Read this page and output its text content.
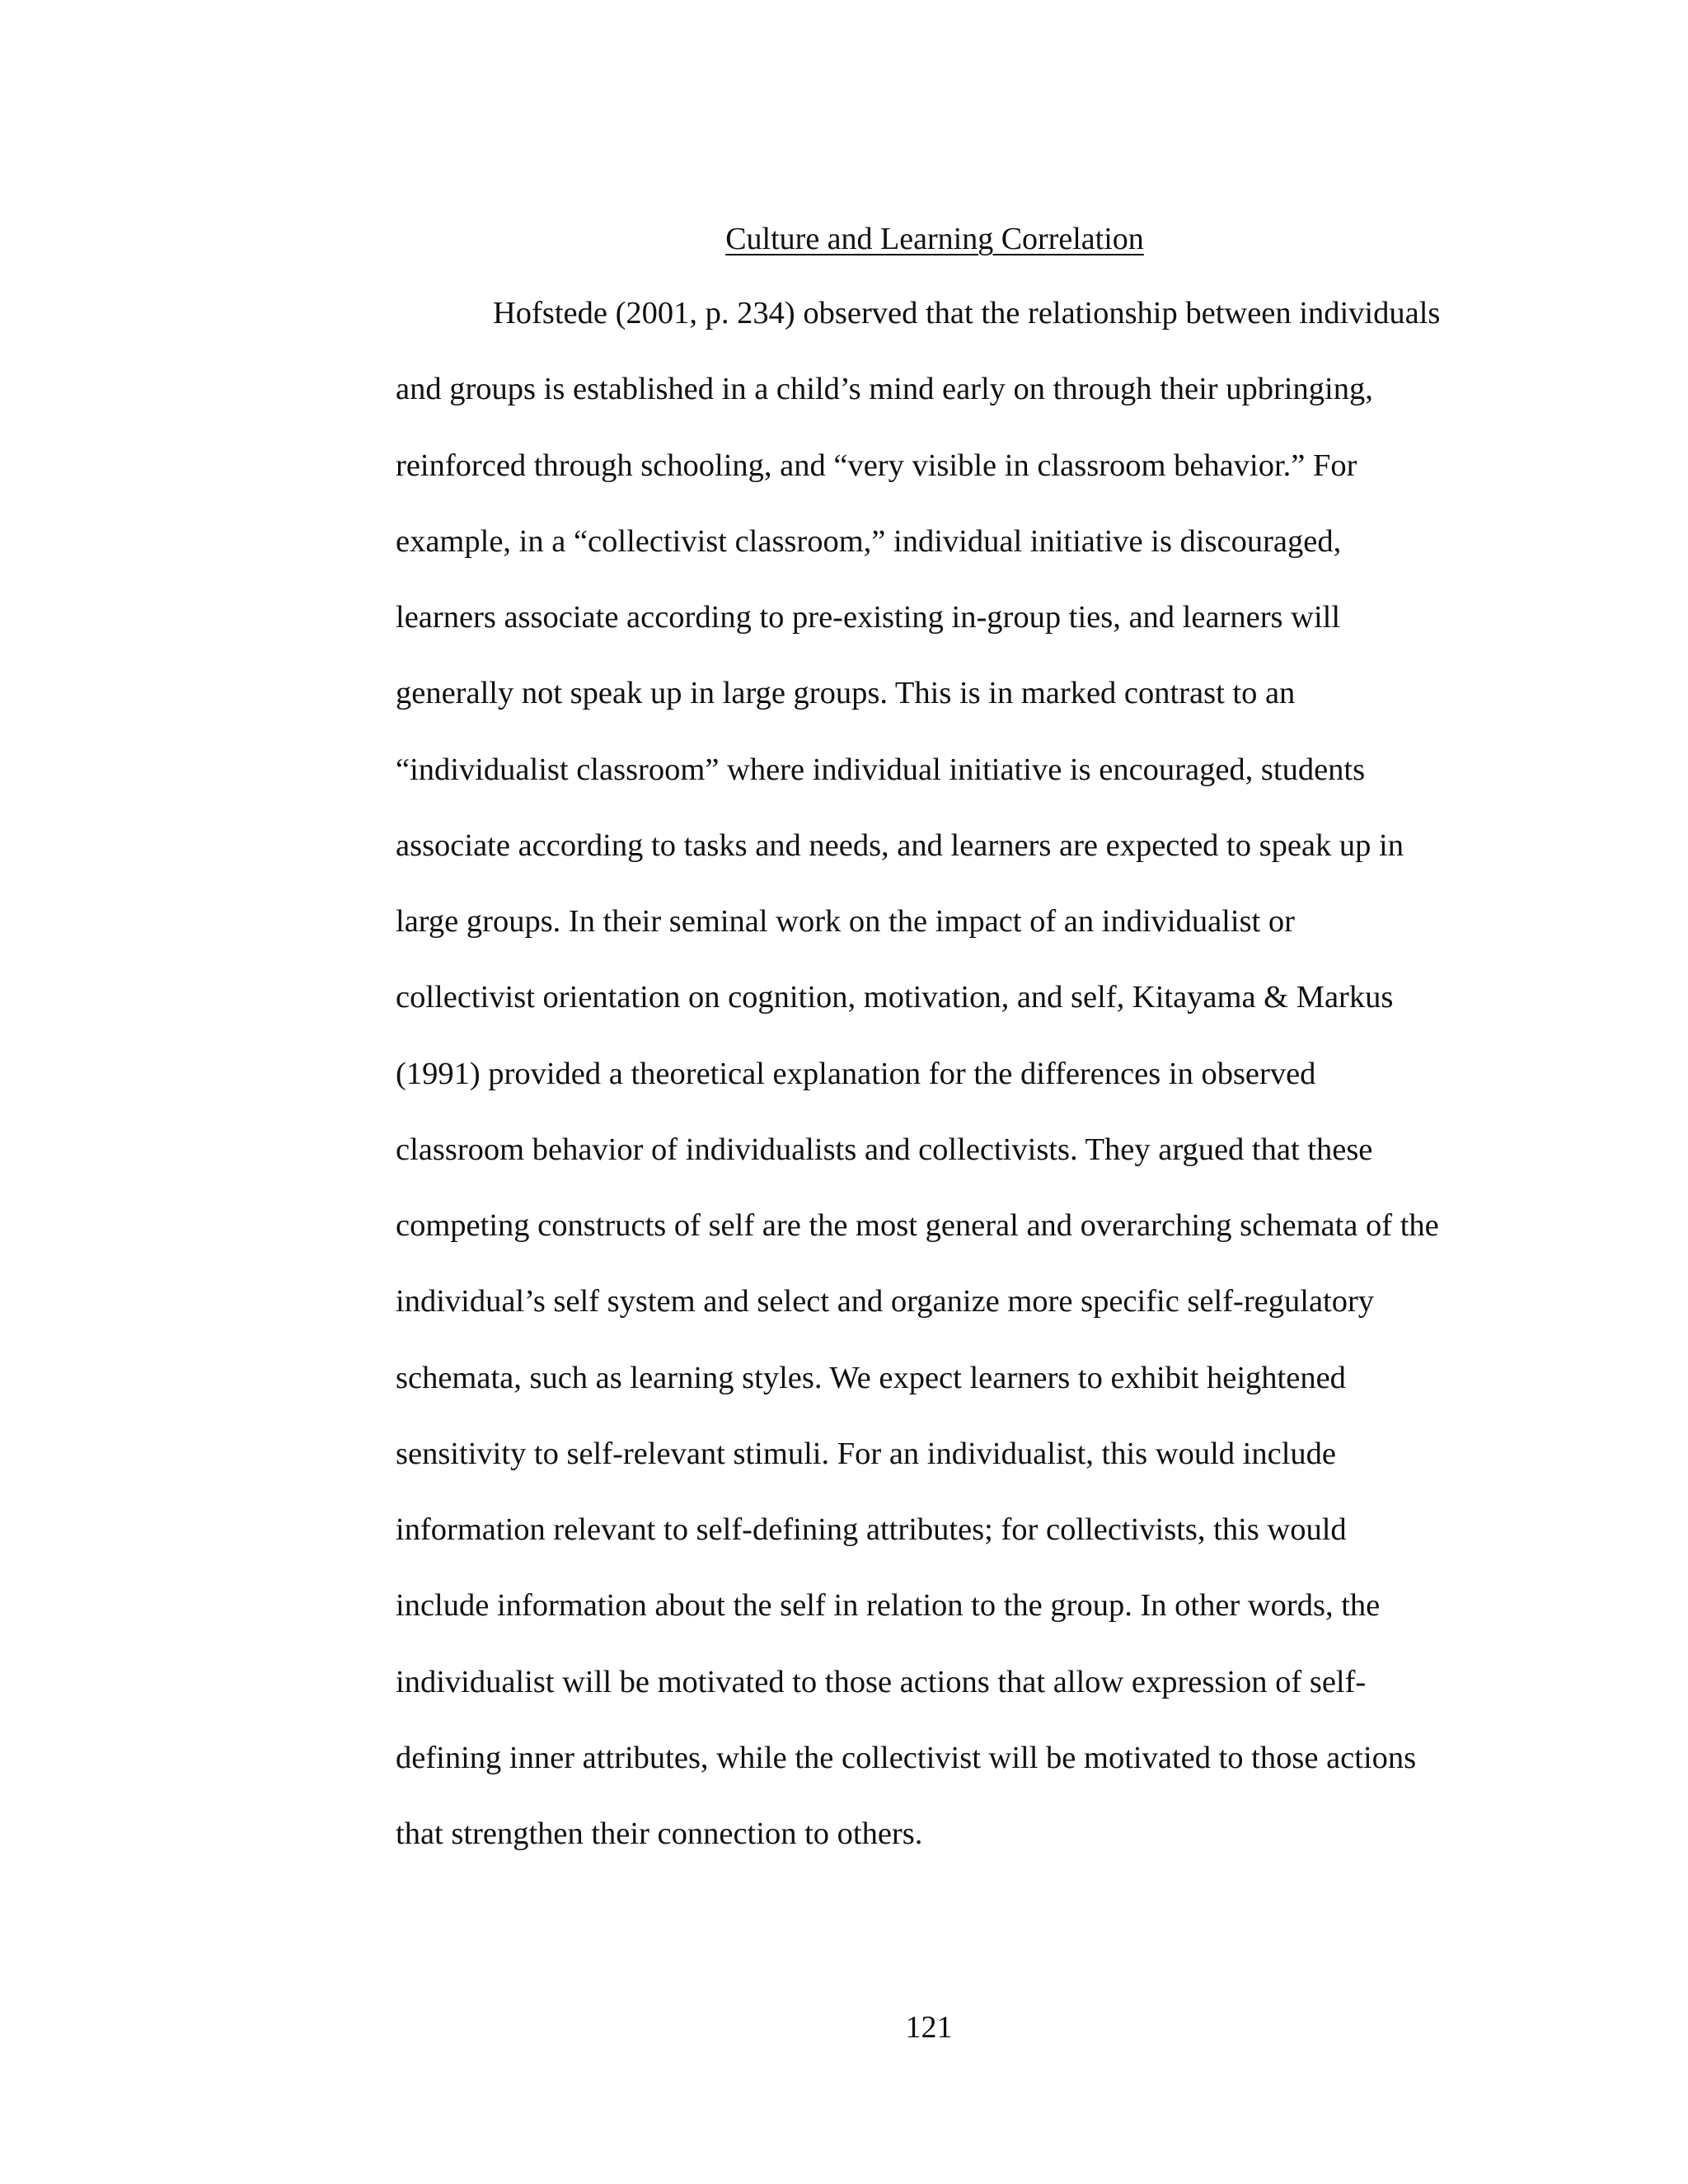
Culture and Learning Correlation
Hofstede (2001, p. 234) observed that the relationship between individuals
and groups is established in a child’s mind early on through their upbringing,
reinforced through schooling, and “very visible in classroom behavior.” For
example, in a “collectivist classroom,” individual initiative is discouraged,
learners associate according to pre-existing in-group ties, and learners will
generally not speak up in large groups. This is in marked contrast to an
“individualist classroom” where individual initiative is encouraged, students
associate according to tasks and needs, and learners are expected to speak up in
large groups. In their seminal work on the impact of an individualist or
collectivist orientation on cognition, motivation, and self, Kitayama & Markus
(1991) provided a theoretical explanation for the differences in observed
classroom behavior of individualists and collectivists. They argued that these
competing constructs of self are the most general and overarching schemata of the
individual’s self system and select and organize more specific self-regulatory
schemata, such as learning styles. We expect learners to exhibit heightened
sensitivity to self-relevant stimuli. For an individualist, this would include
information relevant to self-defining attributes; for collectivists, this would
include information about the self in relation to the group. In other words, the
individualist will be motivated to those actions that allow expression of self-
defining inner attributes, while the collectivist will be motivated to those actions
that strengthen their connection to others.
121
